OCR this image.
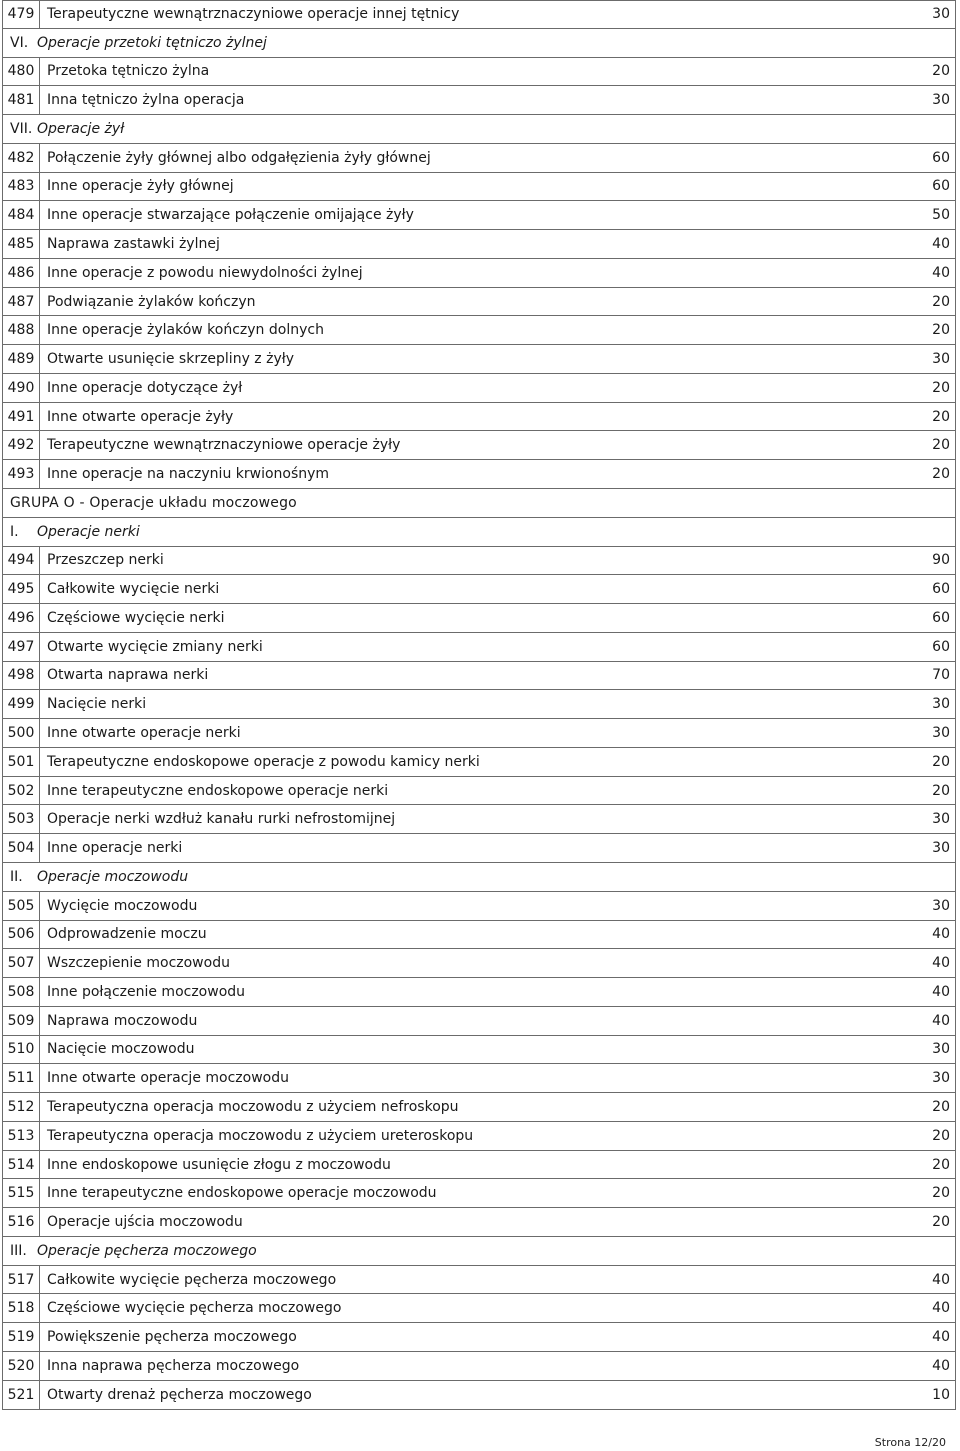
479 Terapeutyczne wewnątrznaczyniowe operacje innej tętnicy	30
VI. Operacje przetoki tętniczo żylnej
480 Przetoka tętniczo żylna	20
481 Inna tętniczo żylna operacja	30
VII. Operacje żył
482 Połączenie żyły głównej albo odgałęzienia żyły głównej	60
483 Inne operacje żyły głównej	60
484 Inne operacje stwarzające połączenie omijające żyły	50
485 Naprawa zastawki żylnej	40
486 Inne operacje z powodu niewydolności żylnej	40
487 Podwiązanie żylaków kończyn	20
488 Inne operacje żylaków kończyn dolnych	20
489 Otwarte usunięcie skrzepliny z żyły	30
490 Inne operacje dotyczące żył	20
491 Inne otwarte operacje żyły	20
492 Terapeutyczne wewnątrznaczyniowe operacje żyły	20
493 Inne operacje na naczyniu krwionośnym	20
GRUPA O - Operacje układu moczowego
I. Operacje nerki
494 Przeszczep nerki	90
495 Całkowite wycięcie nerki	60
496 Częściowe wycięcie nerki	60
497 Otwarte wycięcie zmiany nerki	60
498 Otwarta naprawa nerki	70
499 Nacięcie nerki	30
500 Inne otwarte operacje nerki	30
501 Terapeutyczne endoskopowe operacje z powodu kamicy nerki	20
502 Inne terapeutyczne endoskopowe operacje nerki	20
503 Operacje nerki wzdłuż kanału rurki nefrostomijnej	30
504 Inne operacje nerki	30
II. Operacje moczowodu
505 Wycięcie moczowodu	30
506 Odprowadzenie moczu	40
507 Wszczepienie moczowodu	40
508 Inne połączenie moczowodu	40
509 Naprawa moczowodu	40
510 Nacięcie moczowodu	30
511 Inne otwarte operacje moczowodu	30
512 Terapeutyczna operacja moczowodu z użyciem nefroskopu	20
513 Terapeutyczna operacja moczowodu z użyciem ureteroskopu	20
514 Inne endoskopowe usunięcie złogu z moczowodu	20
515 Inne terapeutyczne endoskopowe operacje moczowodu	20
516 Operacje ujścia moczowodu	20
III. Operacje pęcherza moczowego
517 Całkowite wycięcie pęcherza moczowego	40
518 Częściowe wycięcie pęcherza moczowego	40
519 Powiększenie pęcherza moczowego	40
520 Inna naprawa pęcherza moczowego	40
521 Otwarty drenaż pęcherza moczowego	10
Strona 12/20
